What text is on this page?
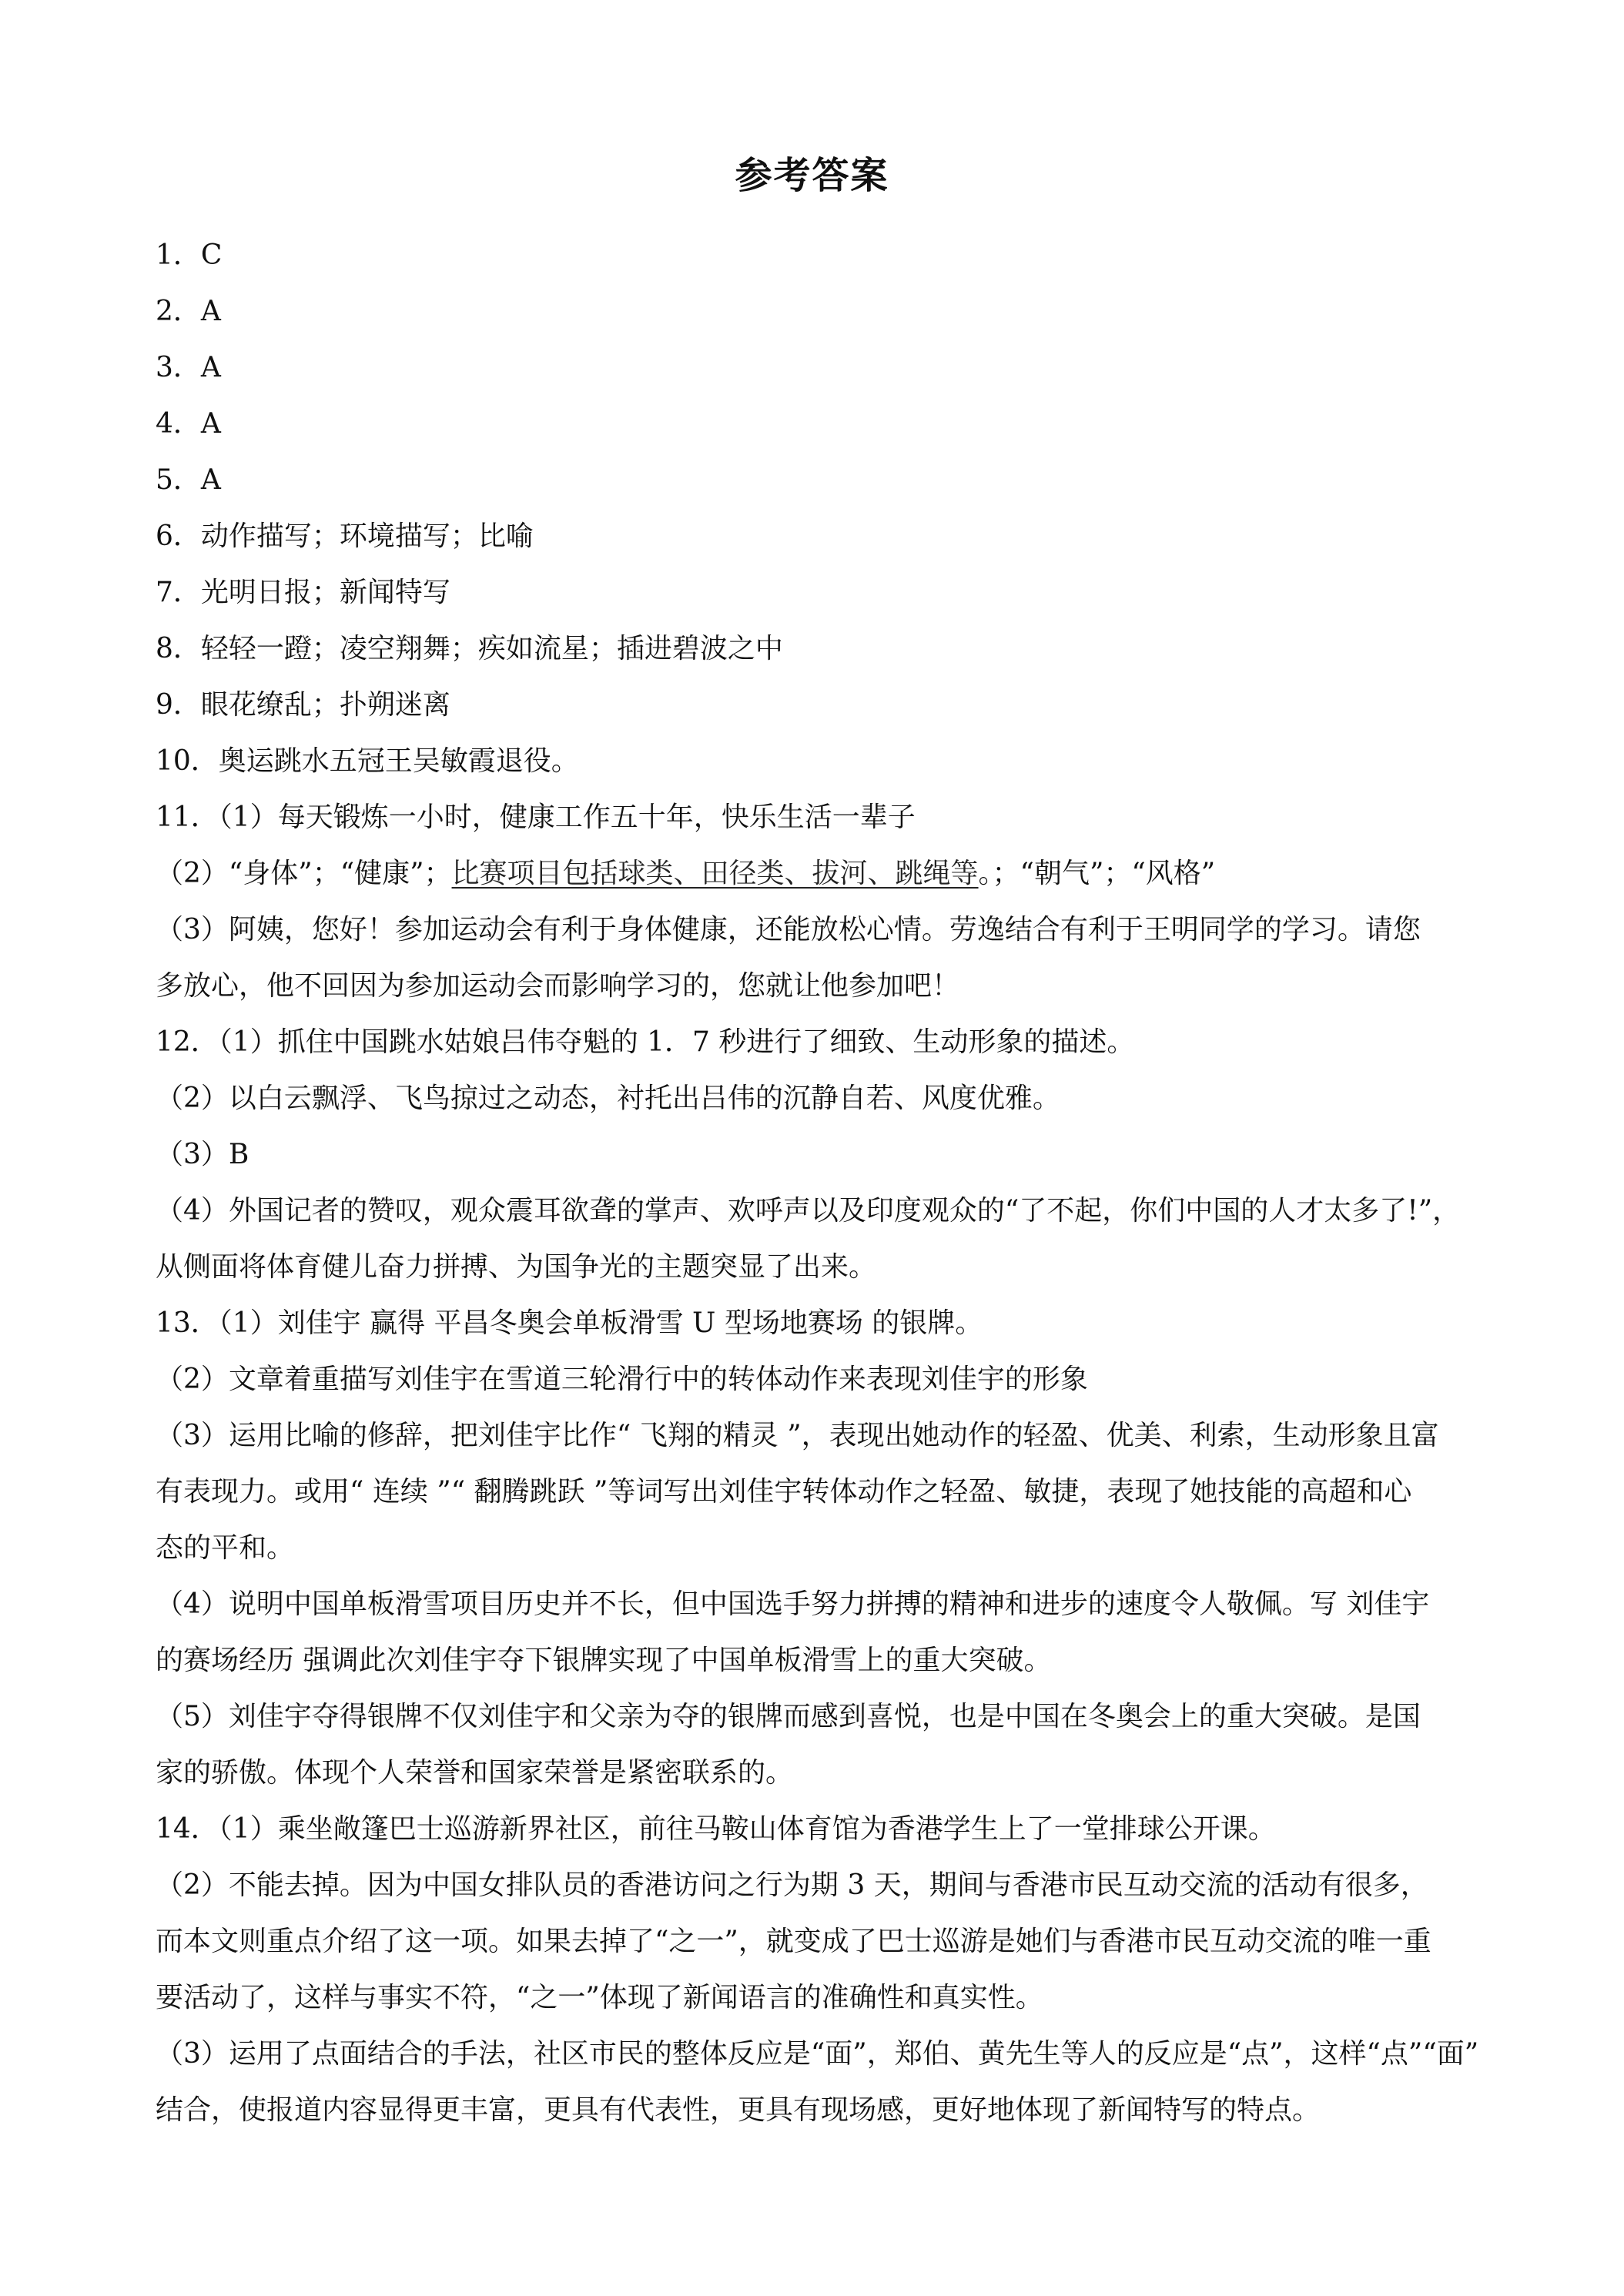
参考答案
1．C
2．A
3．A
4．A
5．A
6．动作描写；环境描写；比喻
7．光明日报；新闻特写
8．轻轻一蹬；凌空翔舞；疾如流星；插进碧波之中
9．眼花缭乱；扑朔迷离
10．奥运跳水五冠王吴敏霞退役。
11．（1）每天锻炼一小时，健康工作五十年，快乐生活一辈子
（2）“身体”；“健康”；比赛项目包括球类、田径类、拔河、跳绳等。；“朝气”；“风格”
（3）阿姨，您好！参加运动会有利于身体健康，还能放松心情。劳逸结合有利于王明同学的学习。请您
多放心，他不回因为参加运动会而影响学习的，您就让他参加吧！
12．（1）抓住中国跳水姑娘吕伟夺魁的 1．7 秒进行了细致、生动形象的描述。
（2）以白云飘浮、飞鸟掠过之动态，衬托出吕伟的沉静自若、风度优雅。
（3）B
（4）外国记者的赞叹，观众震耳欲聋的掌声、欢呼声以及印度观众的“了不起，你们中国的人才太多了!”，
从侧面将体育健儿奋力拼搏、为国争光的主题突显了出来。
13．（1）刘佳宇 赢得 平昌冬奥会单板滑雪 U 型场地赛场 的银牌。
（2）文章着重描写刘佳宇在雪道三轮滑行中的转体动作来表现刘佳宇的形象
（3）运用比喻的修辞，把刘佳宇比作“ 飞翔的精灵 ”，表现出她动作的轻盈、优美、利索，生动形象且富
有表现力。或用“ 连续 ”“ 翻腾跳跃 ”等词写出刘佳宇转体动作之轻盈、敏捷，表现了她技能的高超和心
态的平和。
（4）说明中国单板滑雪项目历史并不长，但中国选手努力拼搏的精神和进步的速度令人敬佩。写 刘佳宇
的赛场经历 强调此次刘佳宇夺下银牌实现了中国单板滑雪上的重大突破。
（5）刘佳宇夺得银牌不仅刘佳宇和父亲为夺的银牌而感到喜悦，也是中国在冬奥会上的重大突破。是国
家的骄傲。体现个人荣誉和国家荣誉是紧密联系的。
14．（1）乘坐敞篷巴士巡游新界社区，前往马鞍山体育馆为香港学生上了一堂排球公开课。
（2）不能去掉。因为中国女排队员的香港访问之行为期 3 天，期间与香港市民互动交流的活动有很多，
而本文则重点介绍了这一项。如果去掉了“之一”，就变成了巴士巡游是她们与香港市民互动交流的唯一重
要活动了，这样与事实不符，“之一”体现了新闻语言的准确性和真实性。
（3）运用了点面结合的手法，社区市民的整体反应是“面”，郑伯、黄先生等人的反应是“点”，这样“点”“面”
结合，使报道内容显得更丰富，更具有代表性，更具有现场感，更好地体现了新闻特写的特点。
